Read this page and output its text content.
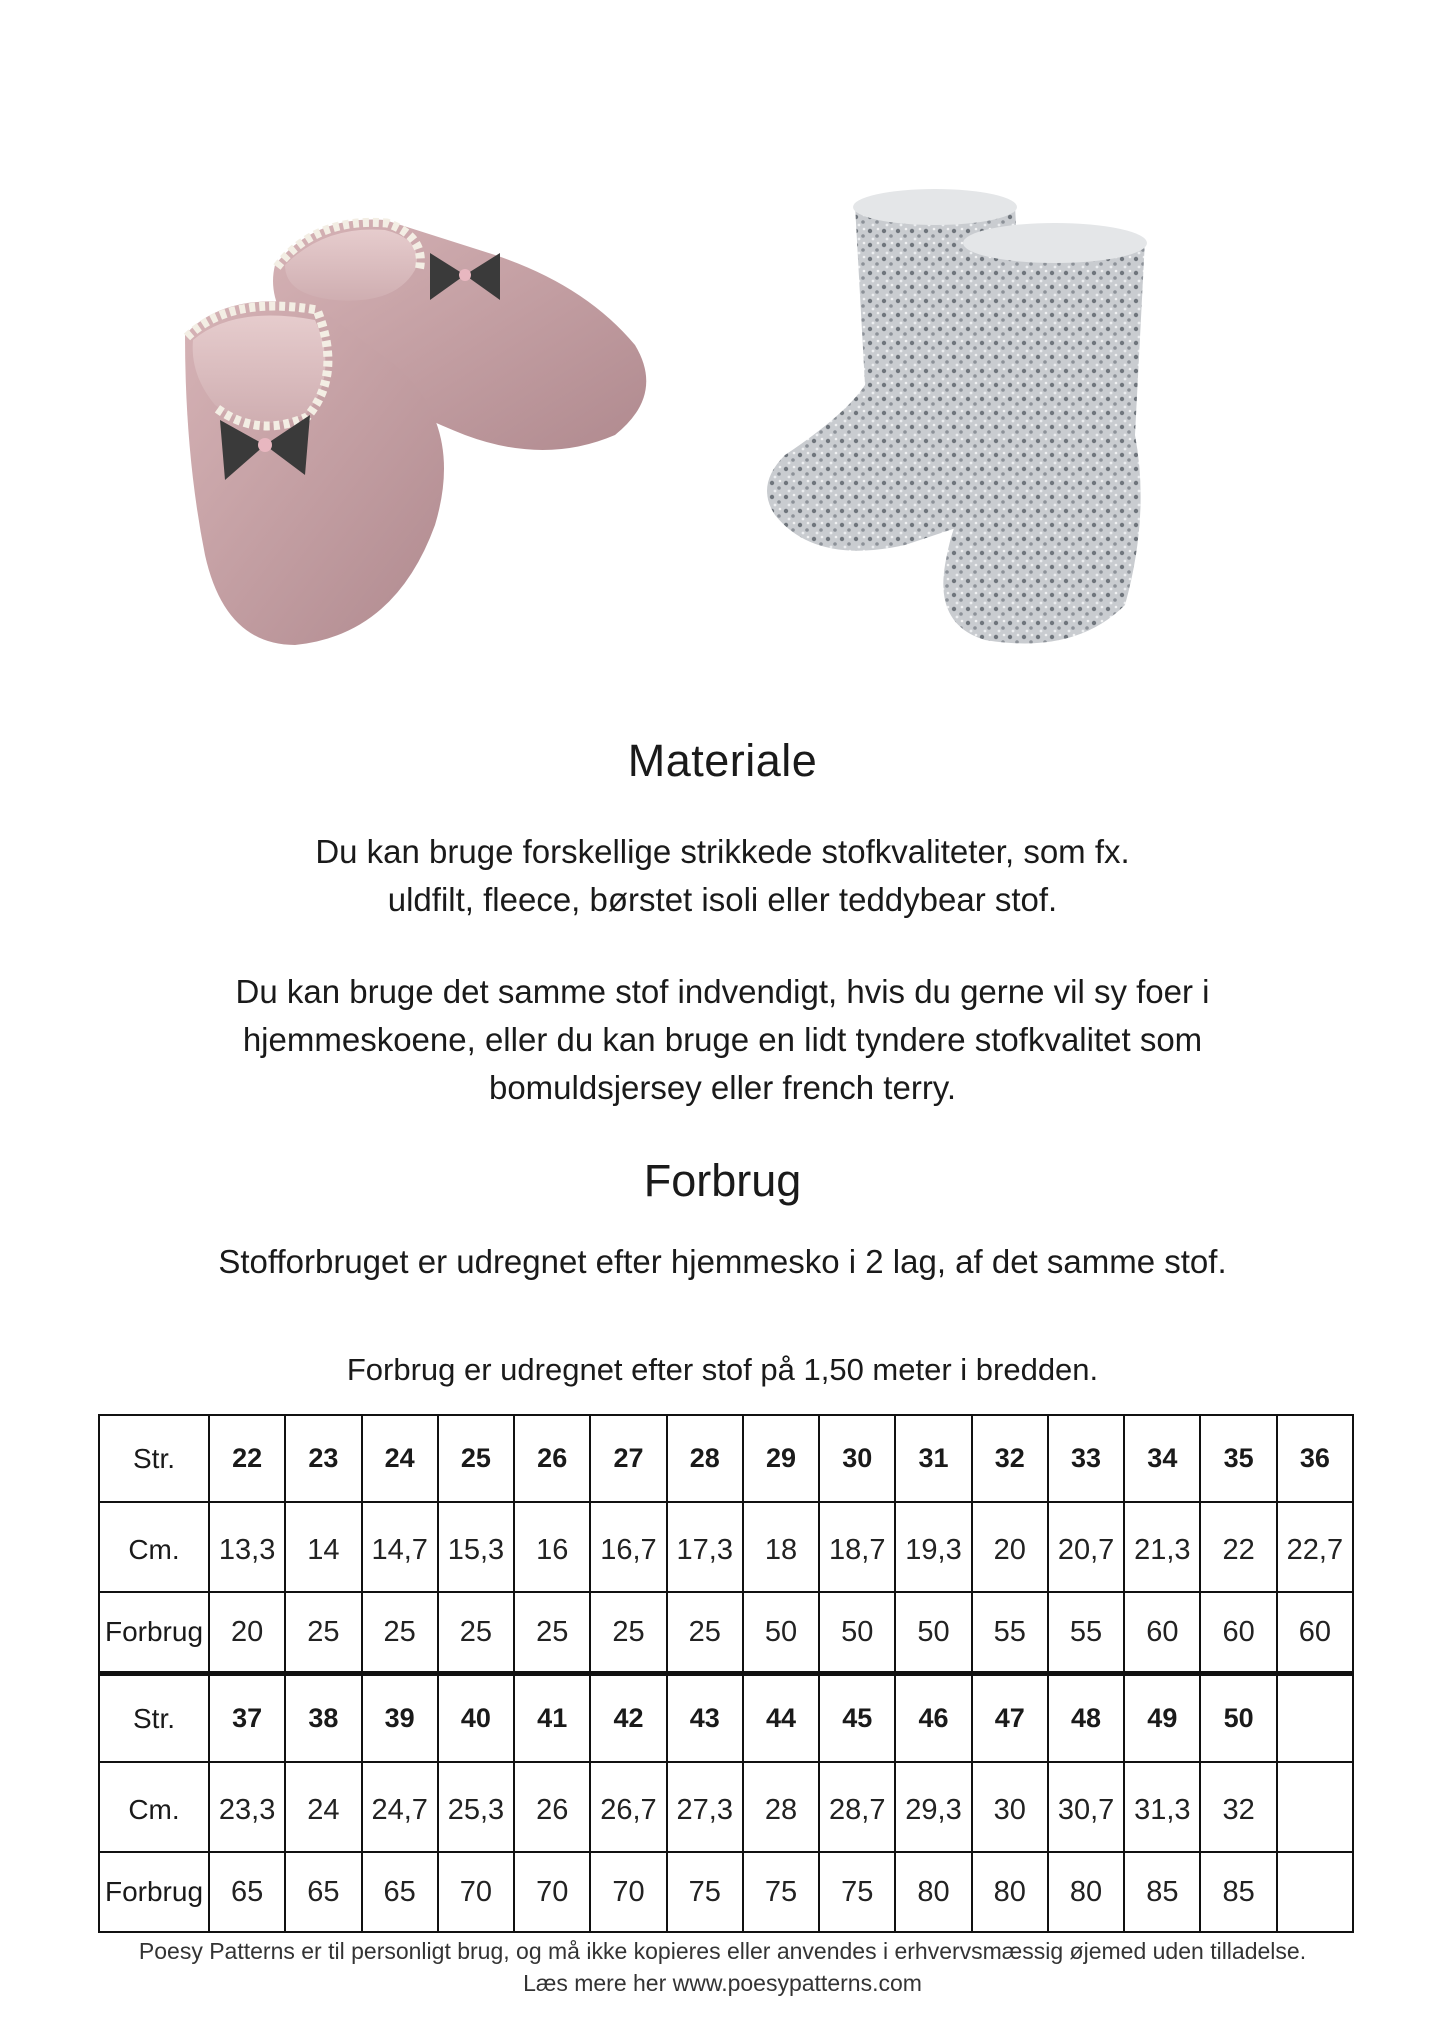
Materiale
Du kan bruge forskellige strikkede stofkvaliteter, som fx.
uldfilt, fleece, børstet isoli eller teddybear stof.
Du kan bruge det samme stof indvendigt, hvis du gerne vil sy foer i
hjemmeskoene, eller du kan bruge en lidt tyndere stofkvalitet som
bomuldsjersey eller french terry.
Forbrug
Stofforbruget er udregnet efter hjemmesko i 2 lag, af det samme stof.
Forbrug er udregnet efter stof på 1,50 meter i bredden.
Str.	22	23	24	25	26	27	28	29	30	31	32	33	34	35	36
Cm.	13,3	14	14,7	15,3	16	16,7	17,3	18	18,7	19,3	20	20,7	21,3	22	22,7
Forbrug	20	25	25	25	25	25	25	50	50	50	55	55	60	60	60
Str.	37	38	39	40	41	42	43	44	45	46	47	48	49	50	
Cm.	23,3	24	24,7	25,3	26	26,7	27,3	28	28,7	29,3	30	30,7	31,3	32	
Forbrug	65	65	65	70	70	70	75	75	75	80	80	80	85	85	
Poesy Patterns er til personligt brug, og må ikke kopieres eller anvendes i erhvervsmæssig øjemed uden tilladelse.
Læs mere her www.poesypatterns.com
